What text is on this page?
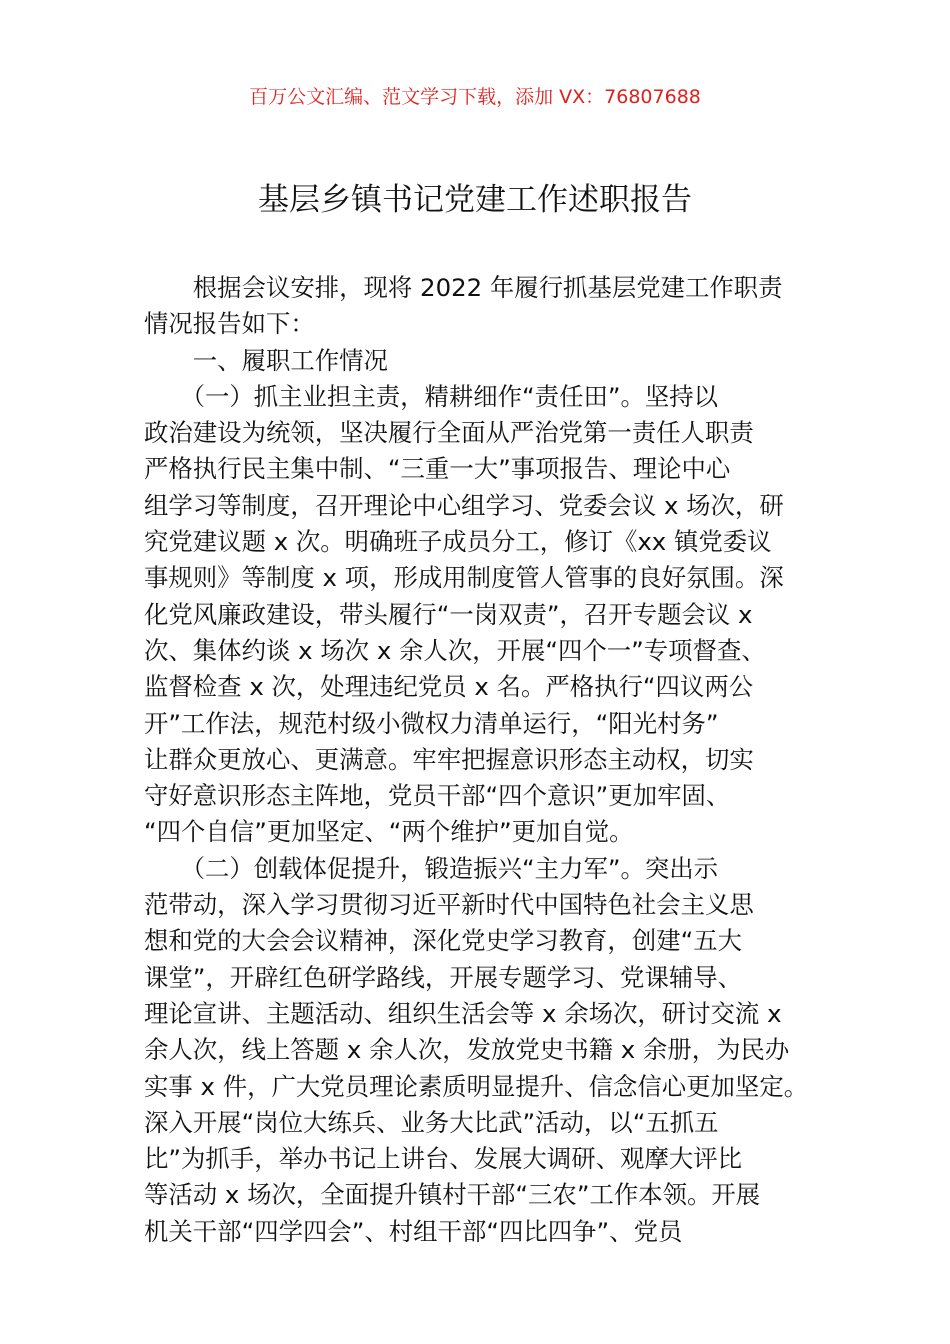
百万公文汇编、范文学习下载，添加 VX：76807688
基层乡镇书记党建工作述职报告
　　根据会议安排，现将 2022 年履行抓基层党建工作职责
情况报告如下：
　　一、履职工作情况
　　（一）抓主业担主责，精耕细作“责任田”。坚持以
政治建设为统领，坚决履行全面从严治党第一责任人职责
严格执行民主集中制、“三重一大”事项报告、理论中心
组学习等制度，召开理论中心组学习、党委会议 x 场次，研
究党建议题 x 次。明确班子成员分工，修订《xx 镇党委议
事规则》等制度 x 项，形成用制度管人管事的良好氛围。深
化党风廉政建设，带头履行“一岗双责”，召开专题会议 x
次、集体约谈 x 场次 x 余人次，开展“四个一”专项督查、
监督检查 x 次，处理违纪党员 x 名。严格执行“四议两公
开”工作法，规范村级小微权力清单运行，“阳光村务”
让群众更放心、更满意。牢牢把握意识形态主动权，切实
守好意识形态主阵地，党员干部“四个意识”更加牢固、
“四个自信”更加坚定、“两个维护”更加自觉。
　　（二）创载体促提升，锻造振兴“主力军”。突出示
范带动，深入学习贯彻习近平新时代中国特色社会主义思
想和党的大会会议精神，深化党史学习教育，创建“五大
课堂”，开辟红色研学路线，开展专题学习、党课辅导、
理论宣讲、主题活动、组织生活会等 x 余场次，研讨交流 x
余人次，线上答题 x 余人次，发放党史书籍 x 余册，为民办
实事 x 件，广大党员理论素质明显提升、信念信心更加坚定。
深入开展“岗位大练兵、业务大比武”活动，以“五抓五
比”为抓手，举办书记上讲台、发展大调研、观摩大评比
等活动 x 场次，全面提升镇村干部“三农”工作本领。开展
机关干部“四学四会”、村组干部“四比四争”、党员
